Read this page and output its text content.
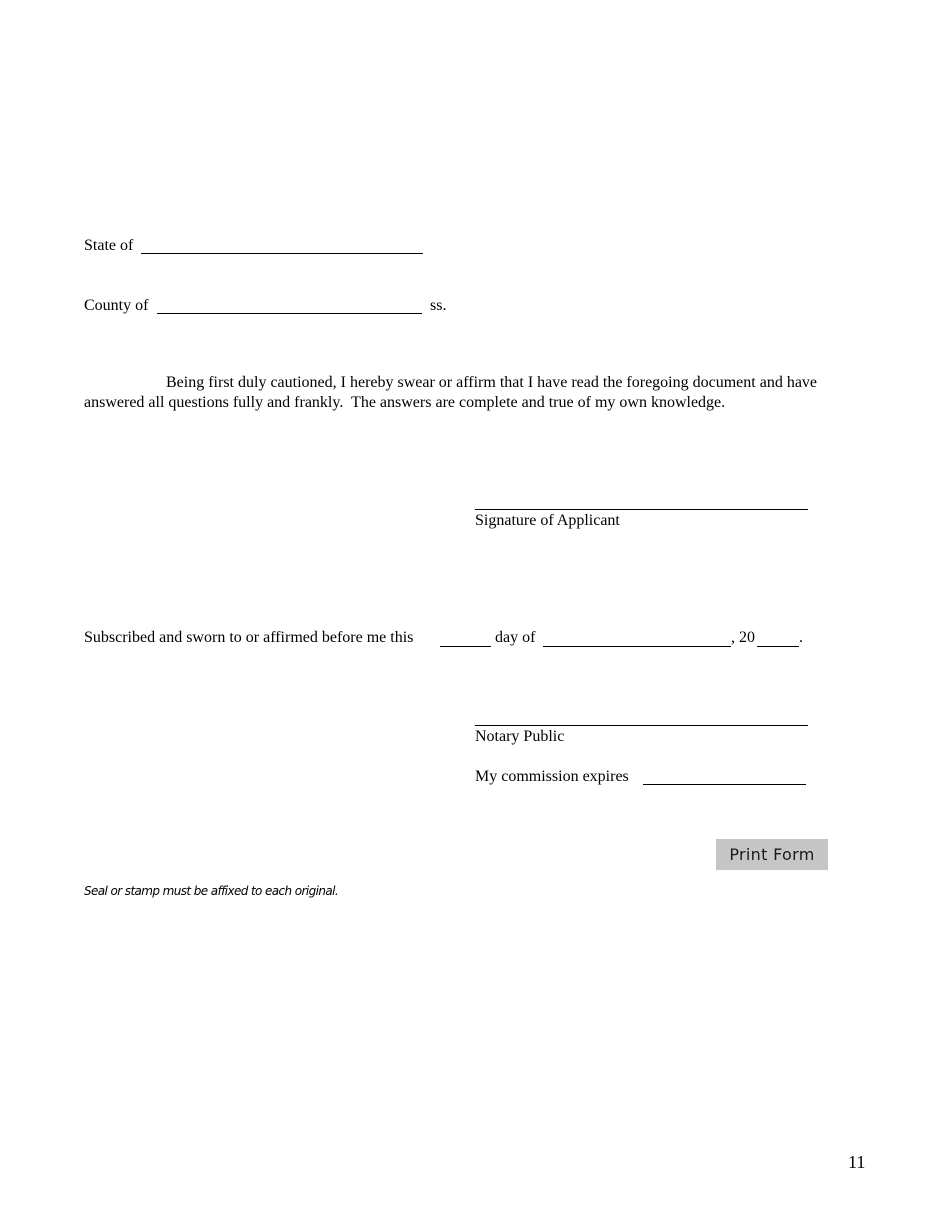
State of
County of	ss.
Being first duly cautioned, I hereby swear or affirm that I have read the foregoing document and have
answered all questions fully and frankly.  The answers are complete and true of my own knowledge.
Signature of Applicant
Subscribed and sworn to or affirmed before me this	day of	, 20	.
Notary Public
My commission expires
Print Form
Seal or stamp must be affixed to each original.
11
